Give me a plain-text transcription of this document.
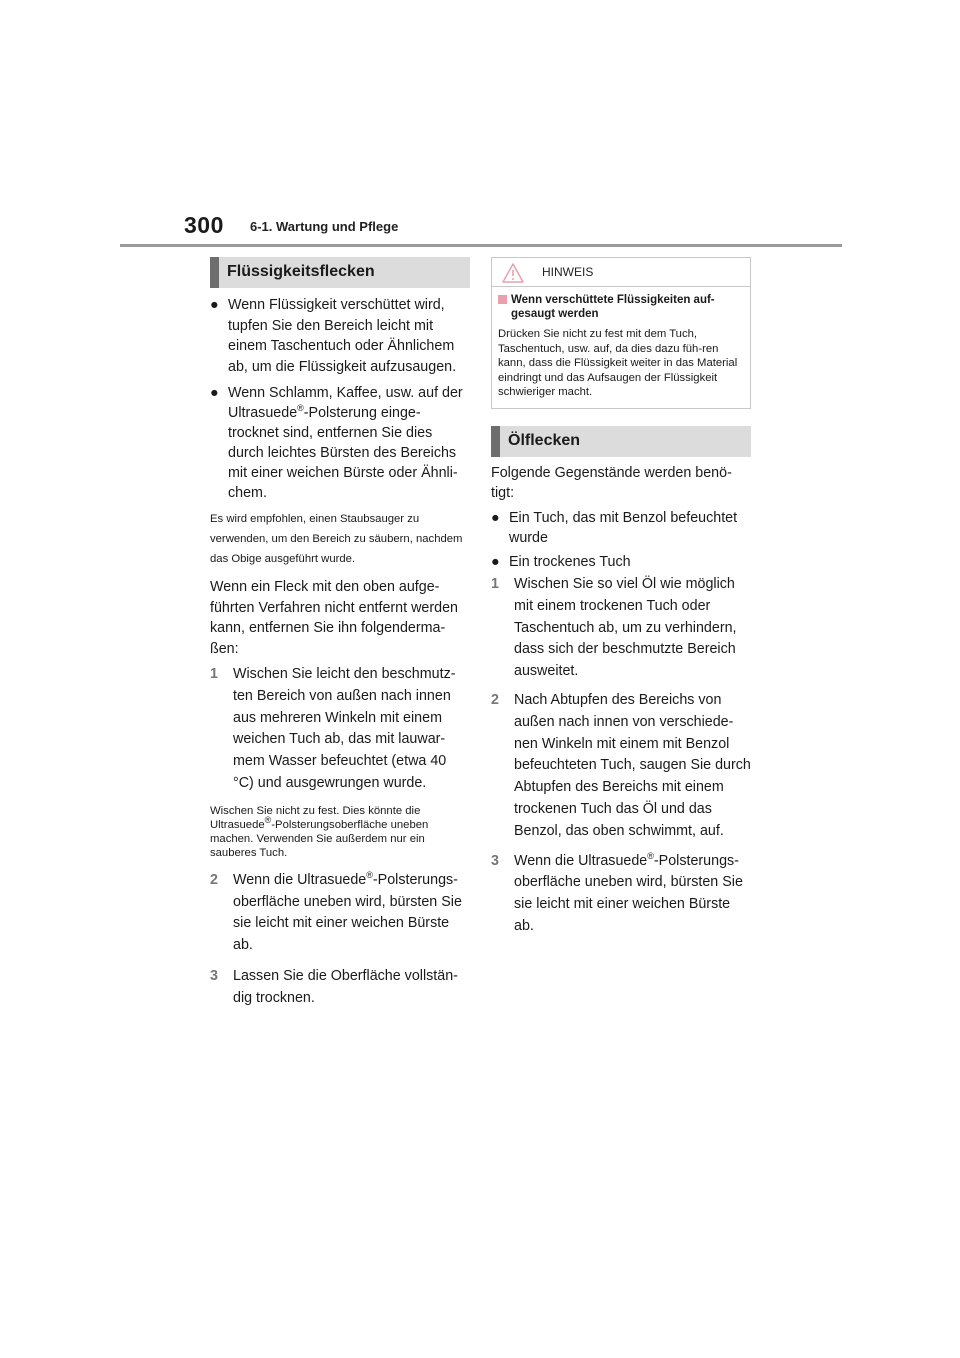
300 6-1. Wartung und Pflege
Flüssigkeitsflecken
● Wenn Flüssigkeit verschüttet wird, tupfen Sie den Bereich leicht mit einem Taschentuch oder Ähnlichem ab, um die Flüssigkeit aufzusaugen.
● Wenn Schlamm, Kaffee, usw. auf der Ultrasuede®-Polsterung einge-trocknet sind, entfernen Sie dies durch leichtes Bürsten des Bereichs mit einer weichen Bürste oder Ähnli-chem.
Es wird empfohlen, einen Staubsauger zu verwenden, um den Bereich zu säubern, nachdem das Obige ausgeführt wurde.
Wenn ein Fleck mit den oben aufge-führten Verfahren nicht entfernt werden kann, entfernen Sie ihn folgenderma-ßen:
1 Wischen Sie leicht den beschmutz-ten Bereich von außen nach innen aus mehreren Winkeln mit einem weichen Tuch ab, das mit lauwar-mem Wasser befeuchtet (etwa 40 °C) und ausgewrungen wurde.
Wischen Sie nicht zu fest. Dies könnte die Ultrasuede®-Polsterungsoberfläche uneben machen. Verwenden Sie außerdem nur ein sauberes Tuch.
2 Wenn die Ultrasuede®-Polsterungs-oberfläche uneben wird, bürsten Sie sie leicht mit einer weichen Bürste ab.
3 Lassen Sie die Oberfläche vollstän-dig trocknen.
HINWEIS
Wenn verschüttete Flüssigkeiten auf-gesaugt werden
Drücken Sie nicht zu fest mit dem Tuch, Taschentuch, usw. auf, da dies dazu füh-ren kann, dass die Flüssigkeit weiter in das Material eindringt und das Aufsaugen der Flüssigkeit schwieriger macht.
Ölflecken
Folgende Gegenstände werden benö-tigt:
● Ein Tuch, das mit Benzol befeuchtet wurde
● Ein trockenes Tuch
1 Wischen Sie so viel Öl wie möglich mit einem trockenen Tuch oder Taschentuch ab, um zu verhindern, dass sich der beschmutzte Bereich ausweitet.
2 Nach Abtupfen des Bereichs von außen nach innen von verschiede-nen Winkeln mit einem mit Benzol befeuchteten Tuch, saugen Sie durch Abtupfen des Bereichs mit einem trockenen Tuch das Öl und das Benzol, das oben schwimmt, auf.
3 Wenn die Ultrasuede®-Polsterungs-oberfläche uneben wird, bürsten Sie sie leicht mit einer weichen Bürste ab.
